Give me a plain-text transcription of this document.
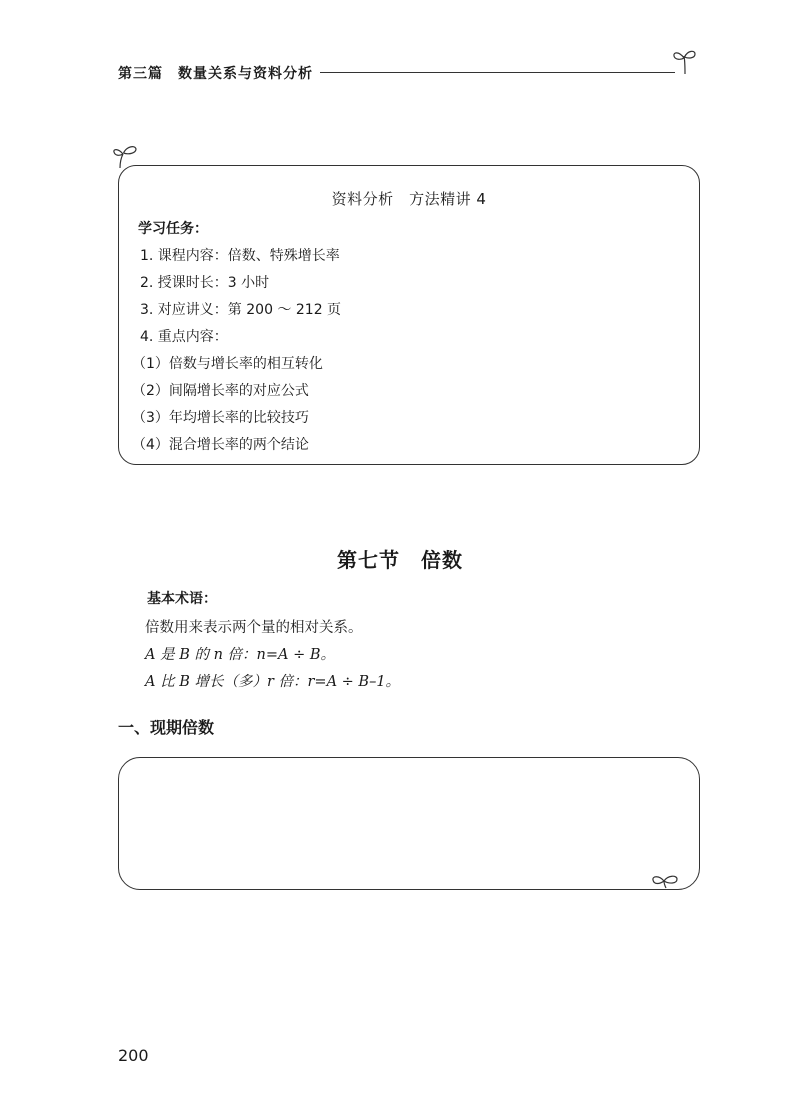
第三篇　数量关系与资料分析
资料分析　方法精讲 4
学习任务：
1. 课程内容：倍数、特殊增长率
2. 授课时长：3 小时
3. 对应讲义：第 200 ～ 212 页
4. 重点内容：
（1）倍数与增长率的相互转化
（2）间隔增长率的对应公式
（3）年均增长率的比较技巧
（4）混合增长率的两个结论
第七节　倍数
基本术语：
倍数用来表示两个量的相对关系。
A 是 B 的 n 倍：n=A ÷ B。
A 比 B 增长（多）r 倍：r=A ÷ B–1。
一、现期倍数
200
